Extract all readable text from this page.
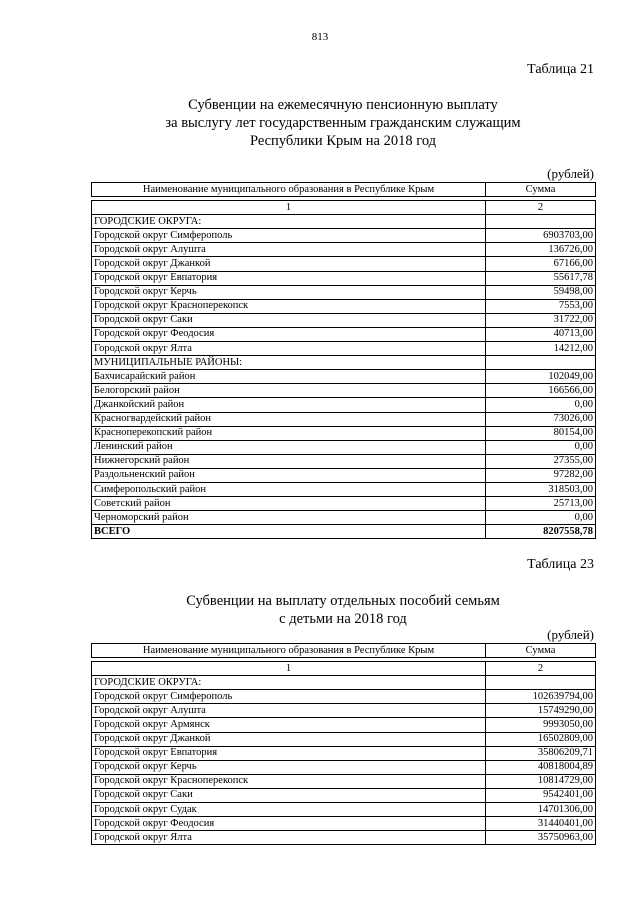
813
Таблица 21
Субвенции на ежемесячную пенсионную выплату
за выслугу лет государственным гражданским служащим
Республики Крым на 2018 год
(рублей)
Наименование муниципального образования в Республике Крым	Сумма

1	2
ГОРОДСКИЕ ОКРУГА:	
Городской округ Симферополь	6903703,00
Городской округ Алушта	136726,00
Городской округ Джанкой	67166,00
Городской округ Евпатория	55617,78
Городской округ Керчь	59498,00
Городской округ Красноперекопск	7553,00
Городской округ Саки	31722,00
Городской округ Феодосия	40713,00
Городской округ Ялта	14212,00
МУНИЦИПАЛЬНЫЕ РАЙОНЫ:	
Бахчисарайский район	102049,00
Белогорский район	166566,00
Джанкойский район	0,00
Красногвардейский район	73026,00
Красноперекопский район	80154,00
Ленинский район	0,00
Нижнегорский район	27355,00
Раздольненский район	97282,00
Симферопольский район	318503,00
Советский район	25713,00
Черноморский район	0,00
ВСЕГО	8207558,78
Таблица 23
Субвенции на выплату отдельных пособий семьям
с детьми на 2018 год
(рублей)
Наименование муниципального образования в Республике Крым	Сумма

1	2
ГОРОДСКИЕ ОКРУГА:	
Городской округ Симферополь	102639794,00
Городской округ Алушта	15749290,00
Городской округ Армянск	9993050,00
Городской округ Джанкой	16502809,00
Городской округ Евпатория	35806209,71
Городской округ Керчь	40818004,89
Городской округ Красноперекопск	10814729,00
Городской округ Саки	9542401,00
Городской округ Судак	14701306,00
Городской округ Феодосия	31440401,00
Городской округ Ялта	35750963,00
